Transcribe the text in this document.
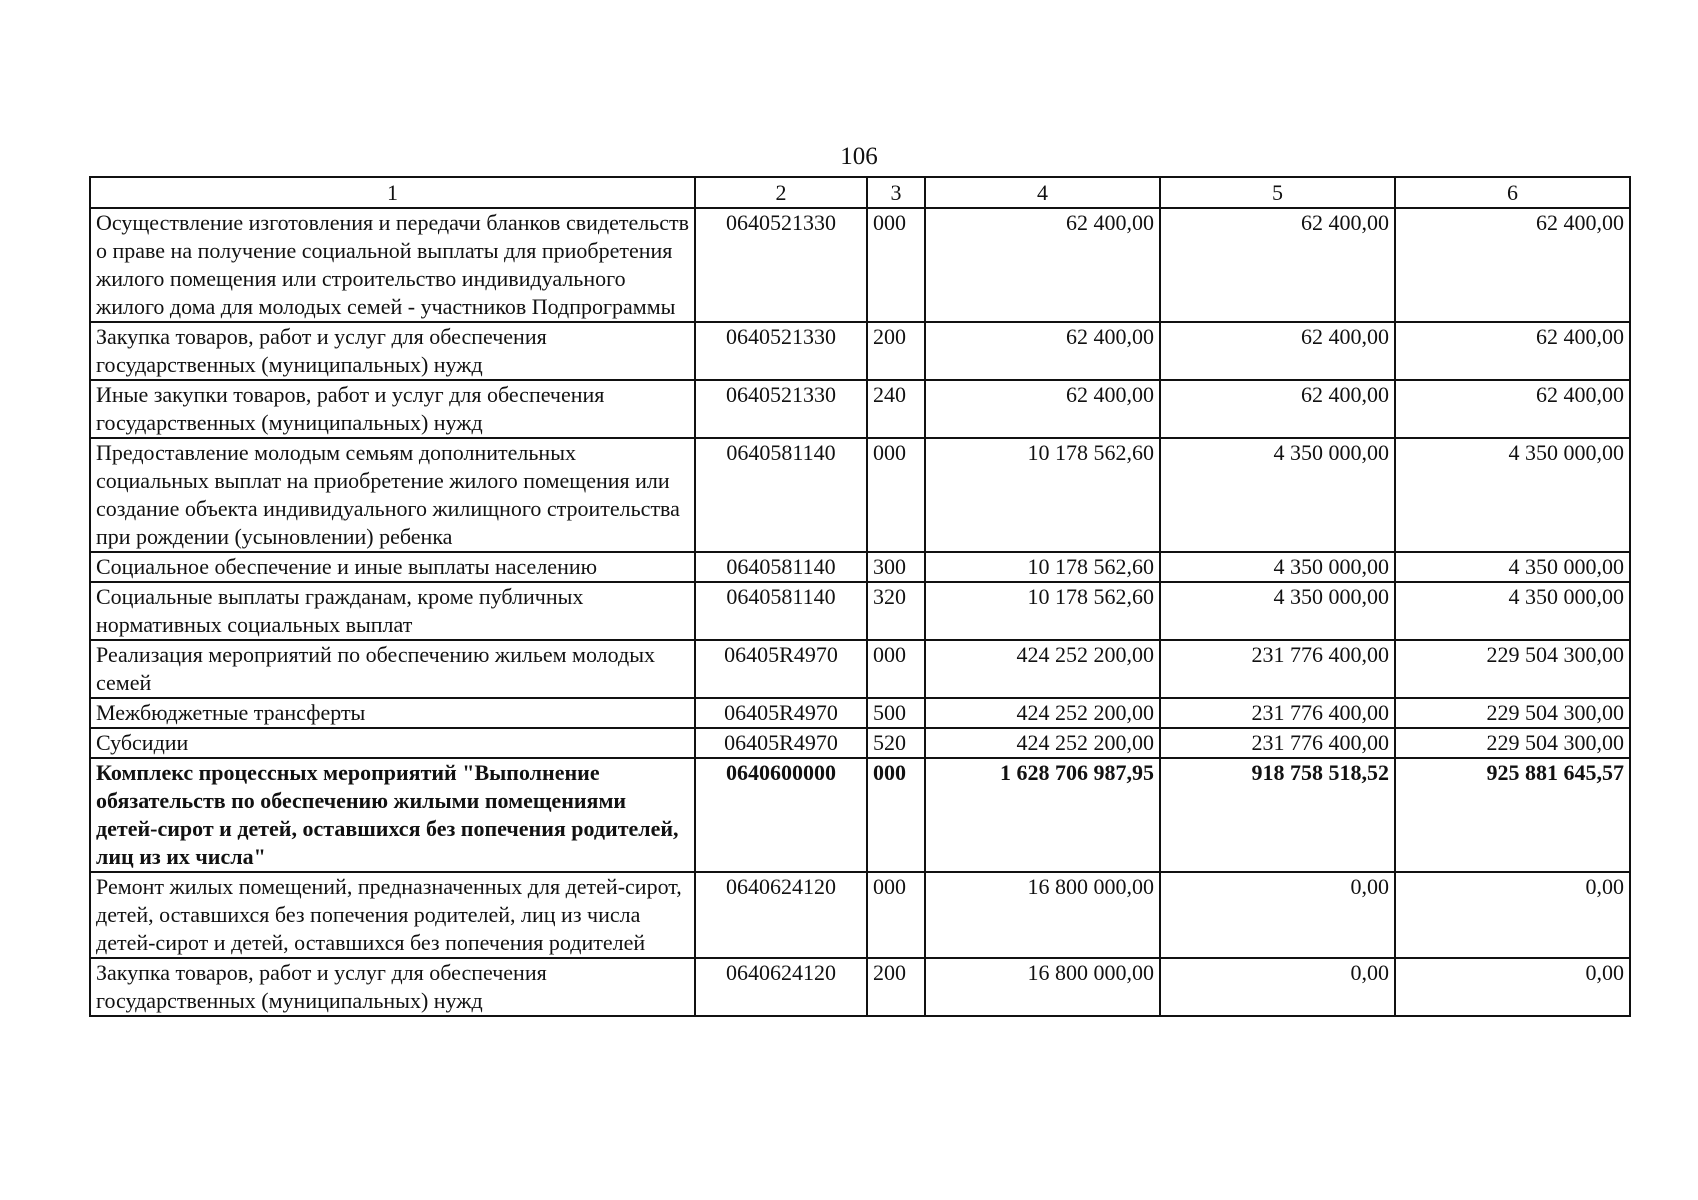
106
1	2	3	4	5	6
Осуществление изготовления и передачи бланков свидетельств о праве на получение социальной выплаты для приобретения жилого помещения или строительство индивидуального жилого дома для молодых семей - участников Подпрограммы	0640521330	000	62 400,00	62 400,00	62 400,00
Закупка товаров, работ и услуг для обеспечения государственных (муниципальных) нужд	0640521330	200	62 400,00	62 400,00	62 400,00
Иные закупки товаров, работ и услуг для обеспечения государственных (муниципальных) нужд	0640521330	240	62 400,00	62 400,00	62 400,00
Предоставление молодым семьям дополнительных социальных выплат на приобретение жилого помещения или создание объекта индивидуального жилищного строительства при рождении (усыновлении) ребенка	0640581140	000	10 178 562,60	4 350 000,00	4 350 000,00
Социальное обеспечение и иные выплаты населению	0640581140	300	10 178 562,60	4 350 000,00	4 350 000,00
Социальные выплаты гражданам, кроме публичных нормативных социальных выплат	0640581140	320	10 178 562,60	4 350 000,00	4 350 000,00
Реализация мероприятий по обеспечению жильем молодых семей	06405R4970	000	424 252 200,00	231 776 400,00	229 504 300,00
Межбюджетные трансферты	06405R4970	500	424 252 200,00	231 776 400,00	229 504 300,00
Субсидии	06405R4970	520	424 252 200,00	231 776 400,00	229 504 300,00
Комплекс процессных мероприятий "Выполнение обязательств по обеспечению жилыми помещениями детей-сирот и детей, оставшихся без попечения родителей, лиц из их числа"	0640600000	000	1 628 706 987,95	918 758 518,52	925 881 645,57
Ремонт жилых помещений, предназначенных для детей-сирот, детей, оставшихся без попечения родителей, лиц из числа детей-сирот и детей, оставшихся без попечения родителей	0640624120	000	16 800 000,00	0,00	0,00
Закупка товаров, работ и услуг для обеспечения государственных (муниципальных) нужд	0640624120	200	16 800 000,00	0,00	0,00
